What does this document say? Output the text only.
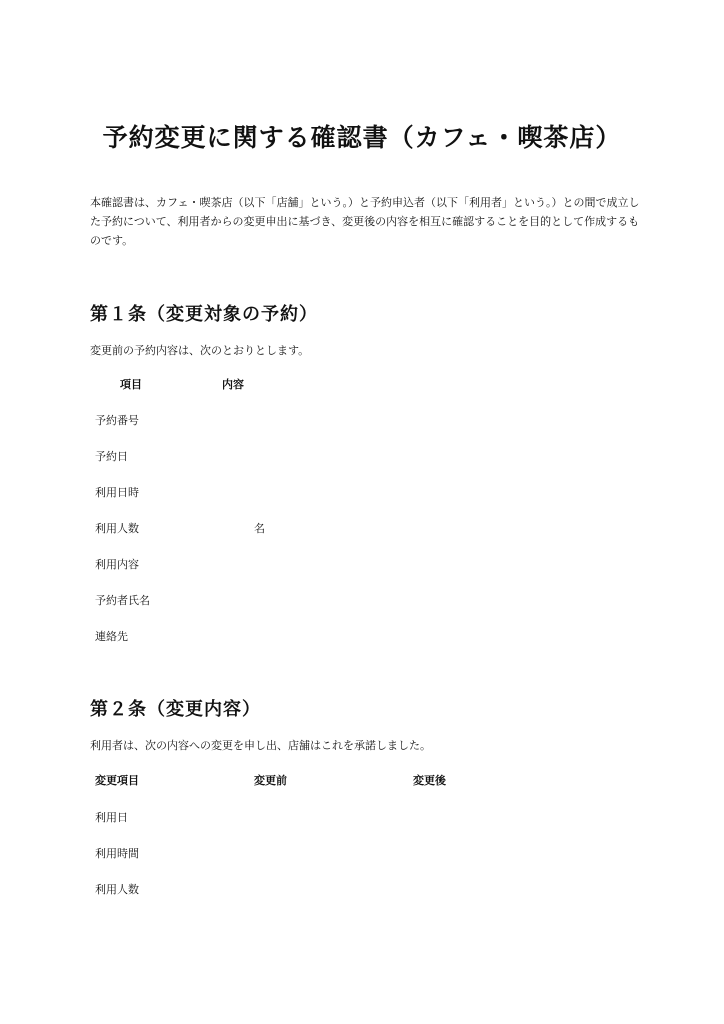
予約変更に関する確認書（カフェ・喫茶店）

本確認書は、カフェ・喫茶店（以下「店舗」という。）と予約申込者（以下「利用者」という。）との間で成立した予約について、利用者からの変更申出に基づき、変更後の内容を相互に確認することを目的として作成するものです。

第１条（変更対象の予約）

変更前の予約内容は、次のとおりとします。

項目	内容
予約番号
予約日
利用日時
利用人数	名
利用内容
予約者氏名
連絡先
第２条（変更内容）

利用者は、次の内容への変更を申し出、店舗はこれを承諾しました。

変更項目	変更前	変更後
利用日
利用時間
利用人数
